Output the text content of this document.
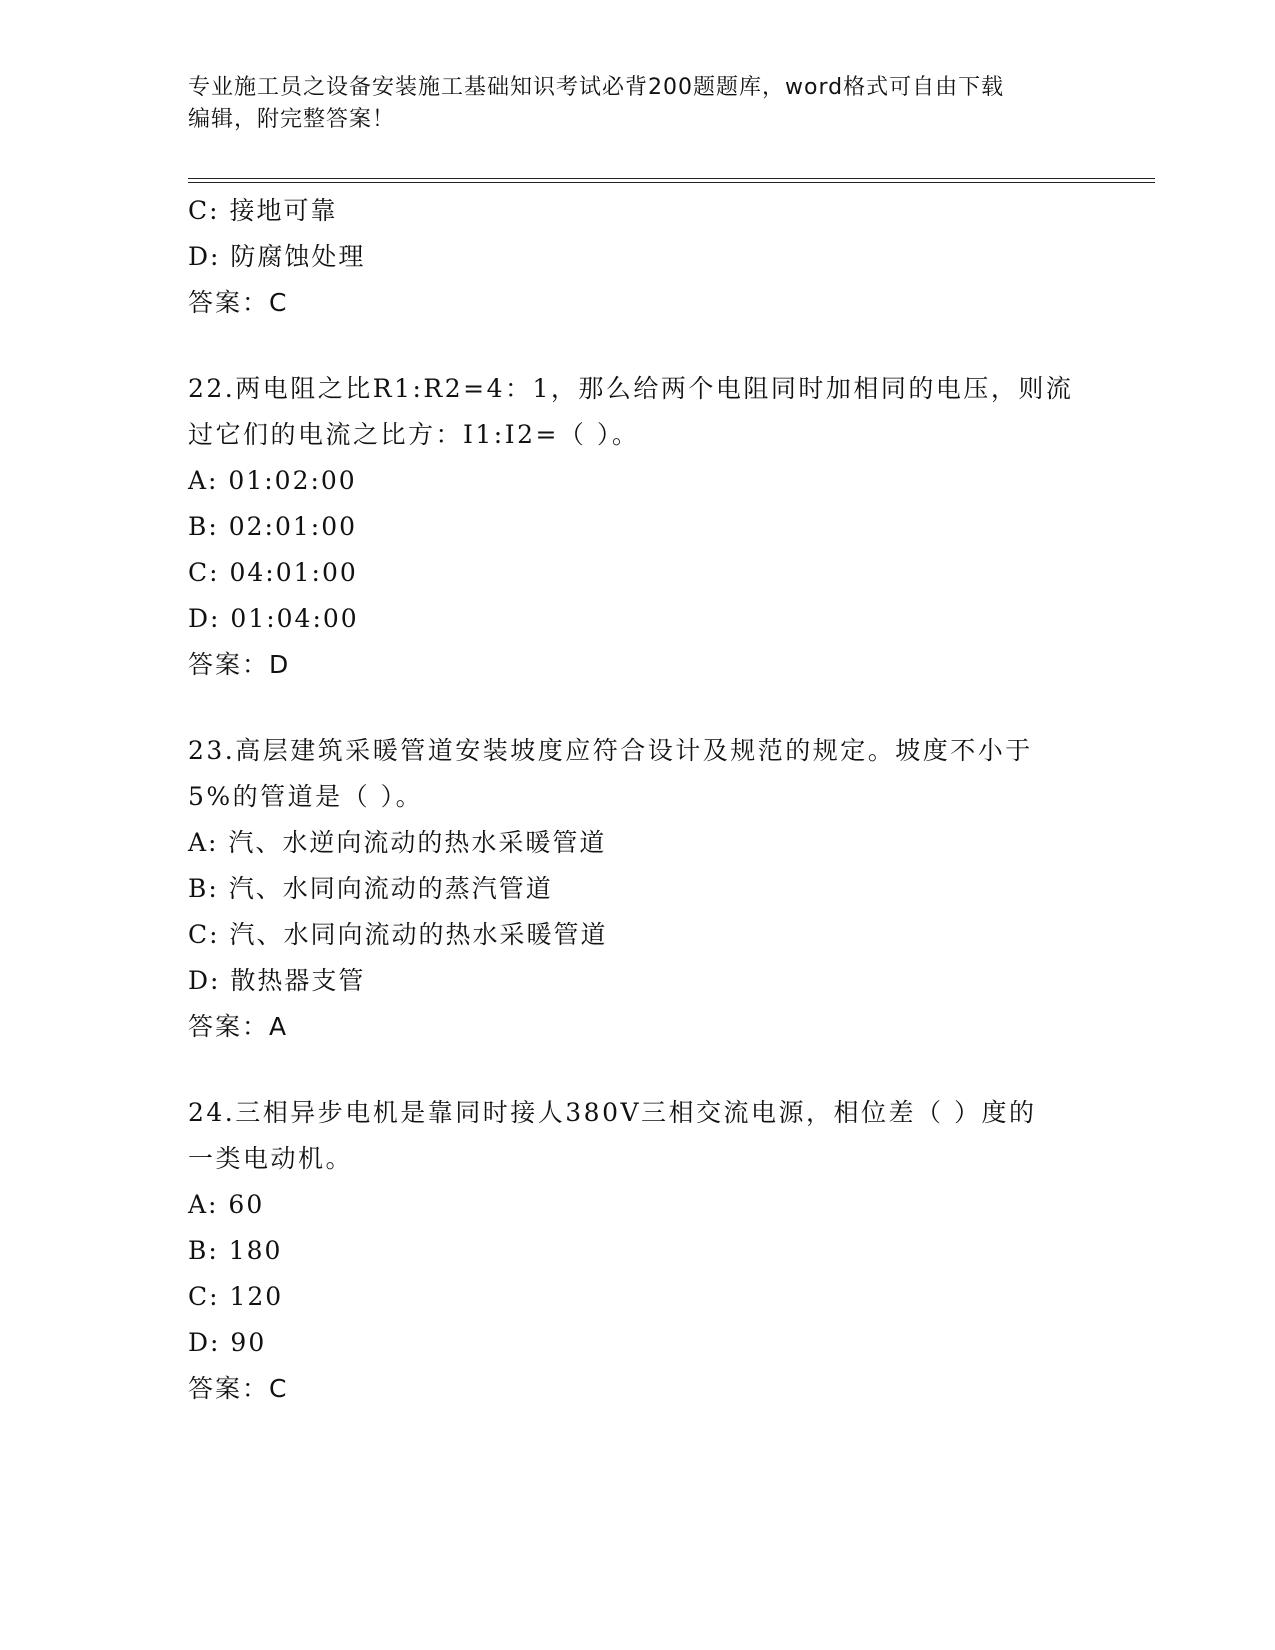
专业施工员之设备安装施工基础知识考试必背200题题库，word格式可自由下载
编辑，附完整答案！
C: 接地可靠
D: 防腐蚀处理
答案：C
22.两电阻之比R1:R2=4：1，那么给两个电阻同时加相同的电压，则流
过它们的电流之比方：I1:I2=（ ）。
A: 01:02:00
B: 02:01:00
C: 04:01:00
D: 01:04:00
答案：D
23.高层建筑采暖管道安装坡度应符合设计及规范的规定。坡度不小于
5%的管道是（ ）。
A: 汽、水逆向流动的热水采暖管道
B: 汽、水同向流动的蒸汽管道
C: 汽、水同向流动的热水采暖管道
D: 散热器支管
答案：A
24.三相异步电机是靠同时接人380V三相交流电源，相位差（ ）度的
一类电动机。
A: 60
B: 180
C: 120
D: 90
答案：C
